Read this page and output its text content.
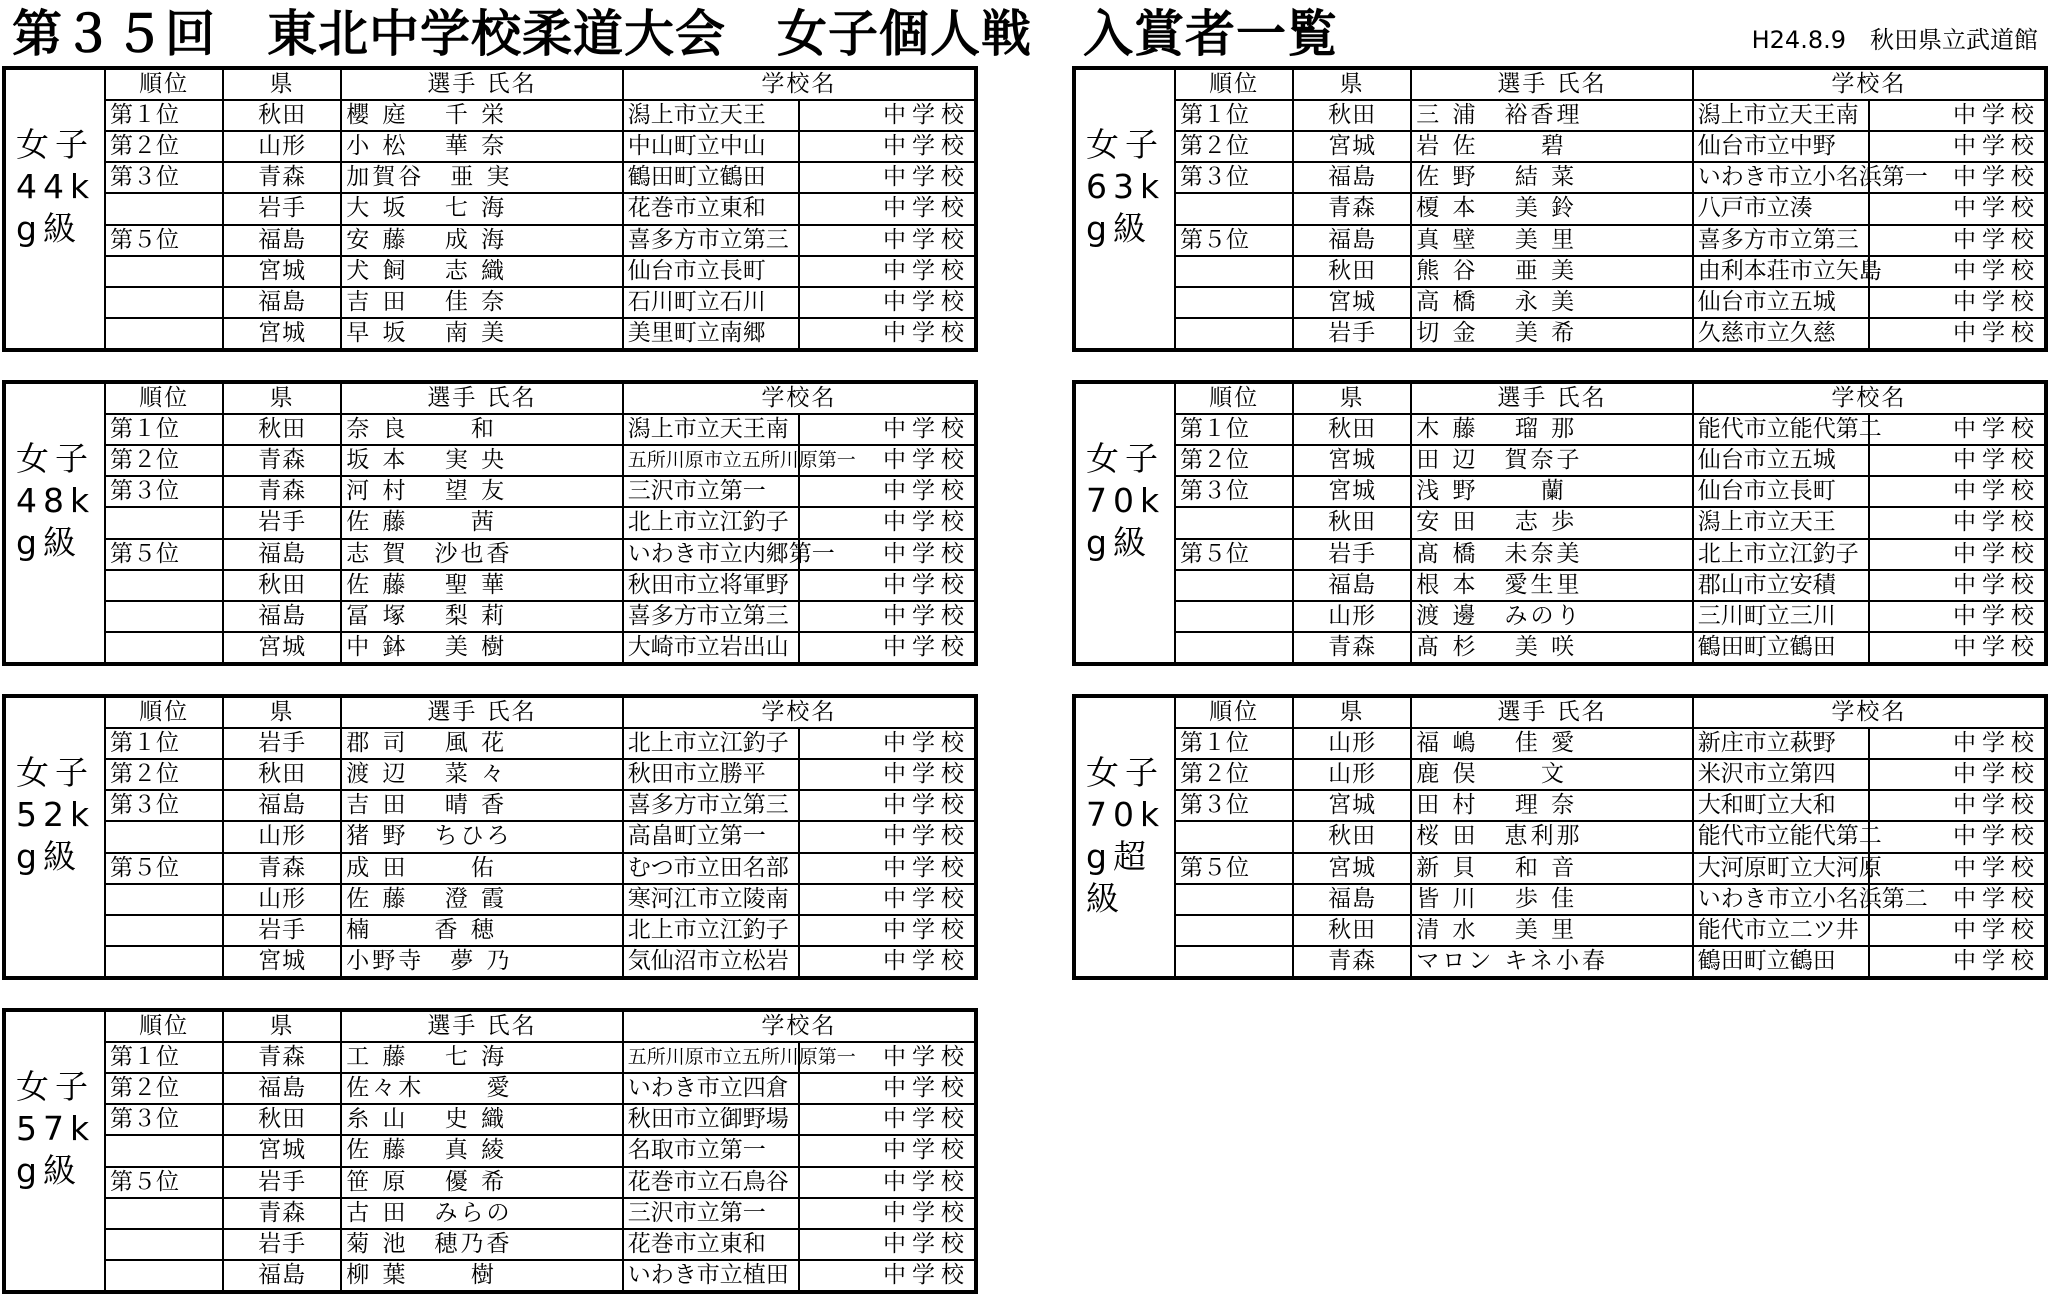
第３５回　東北中学校柔道大会　女子個人戦　入賞者一覧	H24.8.9　 秋田県立武道館
女子44kg級	順位	県	選手 氏名	学校名	
	第１位	秋田	櫻 庭　 千 栄	潟上市立天王	中学校
	第２位	山形	小 松　 華 奈	中山町立中山	中学校
	第３位	青森	加賀谷　亜 実	鶴田町立鶴田	中学校
		岩手	大 坂　 七 海	花巻市立東和	中学校
	第５位	福島	安 藤　 成 海	喜多方市立第三	中学校
		宮城	犬 飼　 志 織	仙台市立長町	中学校
		福島	吉 田　 佳 奈	石川町立石川	中学校
		宮城	早 坂　 南 美	美里町立南郷	中学校
女子48kg級	順位	県	選手 氏名	学校名	
	第１位	秋田	奈 良　　 和	潟上市立天王南	中学校
	第２位	青森	坂 本　 実 央	五所川原市立五所川原第一	中学校
	第３位	青森	河 村　 望 友	三沢市立第一	中学校
		岩手	佐 藤　　 茜	北上市立江釣子	中学校
	第５位	福島	志 賀　沙也香	いわき市立内郷第一	中学校
		秋田	佐 藤　 聖 華	秋田市立将軍野	中学校
		福島	冨 塚　 梨 莉	喜多方市立第三	中学校
		宮城	中 鉢　 美 樹	大崎市立岩出山	中学校
女子52kg級	順位	県	選手 氏名	学校名	
	第１位	岩手	郡 司　 風 花	北上市立江釣子	中学校
	第２位	秋田	渡 辺　 菜 々	秋田市立勝平	中学校
	第３位	福島	吉 田　 晴 香	喜多方市立第三	中学校
		山形	猪 野　ちひろ	高畠町立第一	中学校
	第５位	青森	成 田　　 佑	むつ市立田名部	中学校
		山形	佐 藤　 澄 霞	寒河江市立陵南	中学校
		岩手	楠　　 香 穂	北上市立江釣子	中学校
		宮城	小野寺　夢 乃	気仙沼市立松岩	中学校
女子57kg級	順位	県	選手 氏名	学校名	
	第１位	青森	工 藤　 七 海	五所川原市立五所川原第一	中学校
	第２位	福島	佐々木　　 愛	いわき市立四倉	中学校
	第３位	秋田	糸 山　 史 織	秋田市立御野場	中学校
		宮城	佐 藤　 真 綾	名取市立第一	中学校
	第５位	岩手	笹 原　 優 希	花巻市立石鳥谷	中学校
		青森	古 田　みらの	三沢市立第一	中学校
		岩手	菊 池　穂乃香	花巻市立東和	中学校
		福島	柳 葉　　 樹	いわき市立植田	中学校
女子63kg級	順位	県	選手 氏名	学校名	
	第１位	秋田	三 浦　裕香理	潟上市立天王南	中学校
	第２位	宮城	岩 佐　　 碧	仙台市立中野	中学校
	第３位	福島	佐 野　 結 菜	いわき市立小名浜第一	中学校
		青森	榎 本　 美 鈴	八戸市立湊	中学校
	第５位	福島	真 壁　 美 里	喜多方市立第三	中学校
		秋田	熊 谷　 亜 美	由利本荘市立矢島	中学校
		宮城	高 橋　 永 美	仙台市立五城	中学校
		岩手	切 金　 美 希	久慈市立久慈	中学校
女子70kg級	順位	県	選手 氏名	学校名	
	第１位	秋田	木 藤　 瑠 那	能代市立能代第二	中学校
	第２位	宮城	田 辺　賀奈子	仙台市立五城	中学校
	第３位	宮城	浅 野　　 蘭	仙台市立長町	中学校
		秋田	安 田　 志 歩	潟上市立天王	中学校
	第５位	岩手	髙 橋　未奈美	北上市立江釣子	中学校
		福島	根 本　愛生里	郡山市立安積	中学校
		山形	渡 邊　みのり	三川町立三川	中学校
		青森	髙 杉　 美 咲	鶴田町立鶴田	中学校
女子70kg超級	順位	県	選手 氏名	学校名	
	第１位	山形	福 嶋　 佳 愛	新庄市立萩野	中学校
	第２位	山形	鹿 俣　　 文	米沢市立第四	中学校
	第３位	宮城	田 村　 理 奈	大和町立大和	中学校
		秋田	桜 田　恵利那	能代市立能代第二	中学校
	第５位	宮城	新 貝　 和 音	大河原町立大河原	中学校
		福島	皆 川　 歩 佳	いわき市立小名浜第二	中学校
		秋田	清 水　 美 里	能代市立二ツ井	中学校
		青森	マロン キネ小春	鶴田町立鶴田	中学校
